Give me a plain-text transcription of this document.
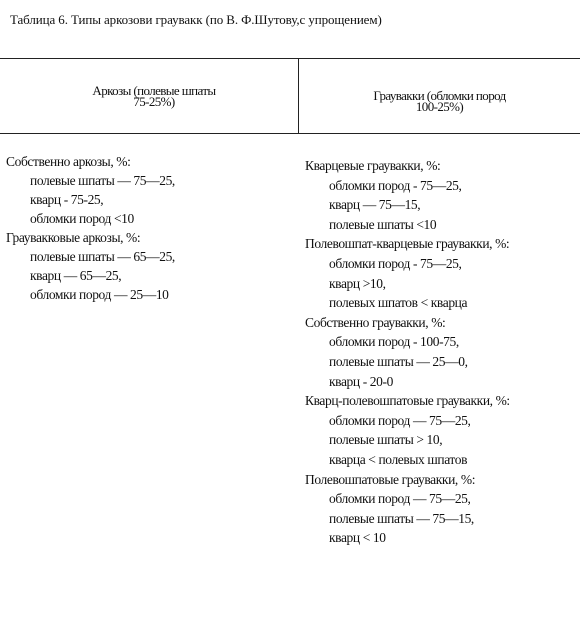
Таблица 6. Типы аркозови граувакк (по В. Ф.Шутову,с упрощением)
Аркозы (полевые шпаты
75-25%)	Граувакки (обломки пород
100-25%)
Собственно аркозы, %:
полевые шпаты — 75—25,
кварц - 75-25,
обломки пород <10
Граувакковые аркозы, %:
полевые шпаты — 65—25,
кварц — 65—25,
обломки пород — 25—10
Кварцевые граувакки, %:
обломки пород - 75—25,
кварц — 75—15,
полевые шпаты <10
Полевошпат-кварцевые граувакки, %:
обломки пород - 75—25,
кварц >10,
полевых шпатов < кварца
Собственно граувакки, %:
обломки пород - 100-75,
полевые шпаты — 25—0,
кварц - 20-0
Кварц-полевошпатовые граувакки, %:
обломки пород — 75—25,
полевые шпаты > 10,
кварца < полевых шпатов
Полевошпатовые граувакки, %:
обломки пород — 75—25,
полевые шпаты — 75—15,
кварц < 10
